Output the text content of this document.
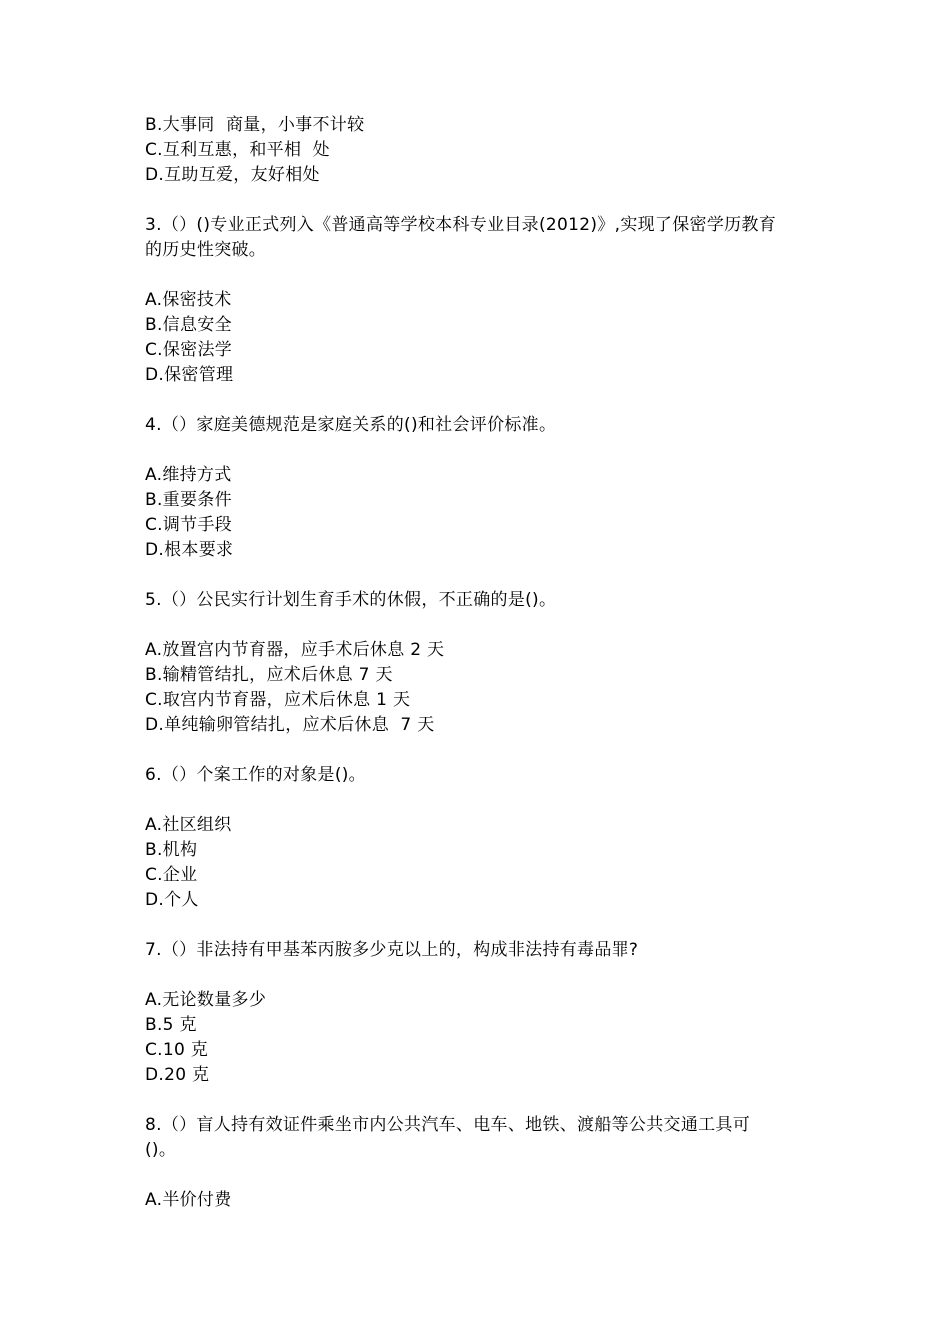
B.大事同  商量，小事不计较
C.互利互惠，和平相  处
D.互助互爱，友好相处
3.（）()专业正式列入《普通高等学校本科专业目录(2012)》,实现了保密学历教育
的历史性突破。
A.保密技术
B.信息安全
C.保密法学
D.保密管理
4.（）家庭美德规范是家庭关系的()和社会评价标准。
A.维持方式
B.重要条件
C.调节手段
D.根本要求
5.（）公民实行计划生育手术的休假，不正确的是()。
A.放置宫内节育器，应手术后休息 2 天
B.输精管结扎，应术后休息 7 天
C.取宫内节育器，应术后休息 1 天
D.单纯输卵管结扎，应术后休息  7 天
6.（）个案工作的对象是()。
A.社区组织
B.机构
C.企业
D.个人
7.（）非法持有甲基苯丙胺多少克以上的，构成非法持有毒品罪?
A.无论数量多少
B.5 克
C.10 克
D.20 克
8.（）盲人持有效证件乘坐市内公共汽车、电车、地铁、渡船等公共交通工具可
()。
A.半价付费
